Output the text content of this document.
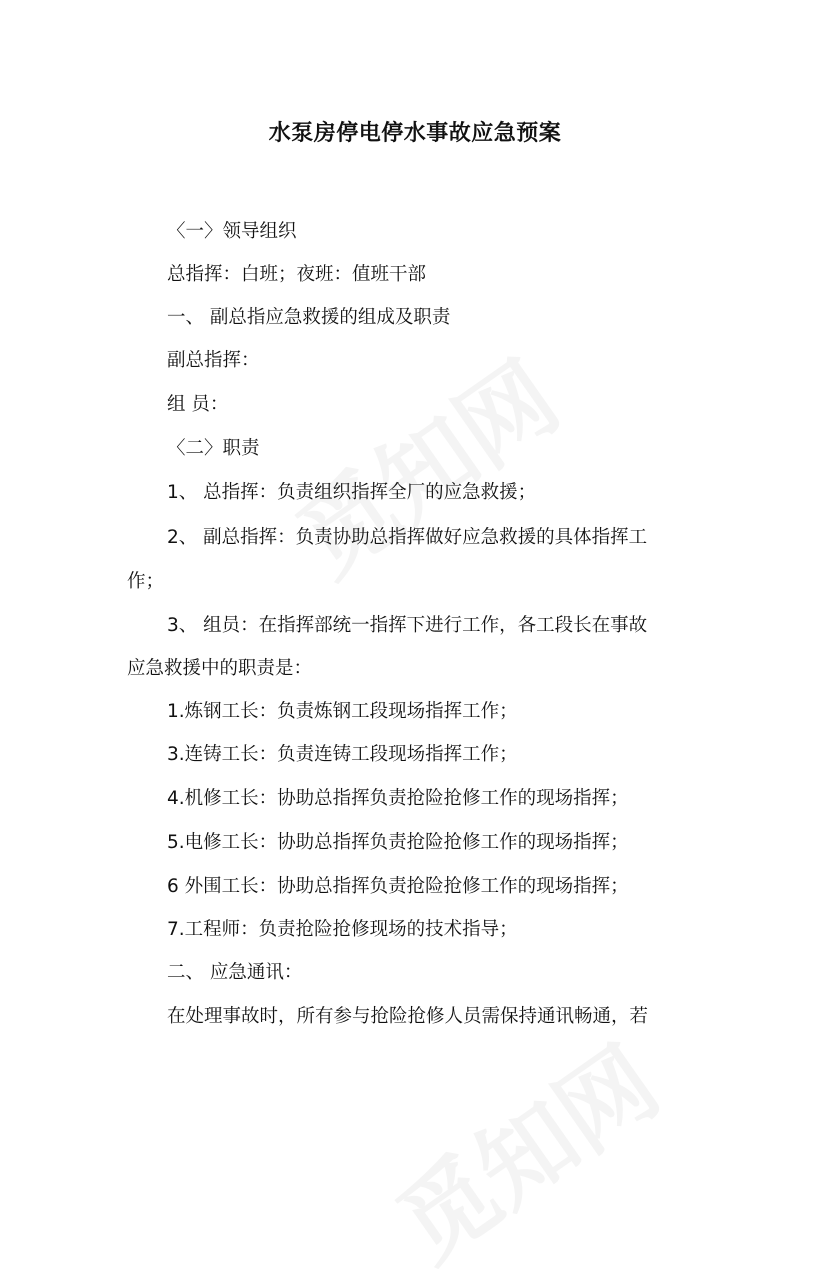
水泵房停电停水事故应急预案

〈一〉领导组织

总指挥：白班；夜班：值班干部

一、 副总指应急救援的组成及职责

副总指挥：

组 员：

〈二〉职责

1、 总指挥：负责组织指挥全厂的应急救援；

2、 副总指挥：负责协助总指挥做好应急救援的具体指挥工

作；

3、 组员：在指挥部统一指挥下进行工作，各工段长在事故

应急救援中的职责是：

1.炼钢工长：负责炼钢工段现场指挥工作；

3.连铸工长：负责连铸工段现场指挥工作；

4.机修工长：协助总指挥负责抢险抢修工作的现场指挥；

5.电修工长：协助总指挥负责抢险抢修工作的现场指挥；

6 外围工长：协助总指挥负责抢险抢修工作的现场指挥；

7.工程师：负责抢险抢修现场的技术指导；

二、 应急通讯：

在处理事故时，所有参与抢险抢修人员需保持通讯畅通，若
